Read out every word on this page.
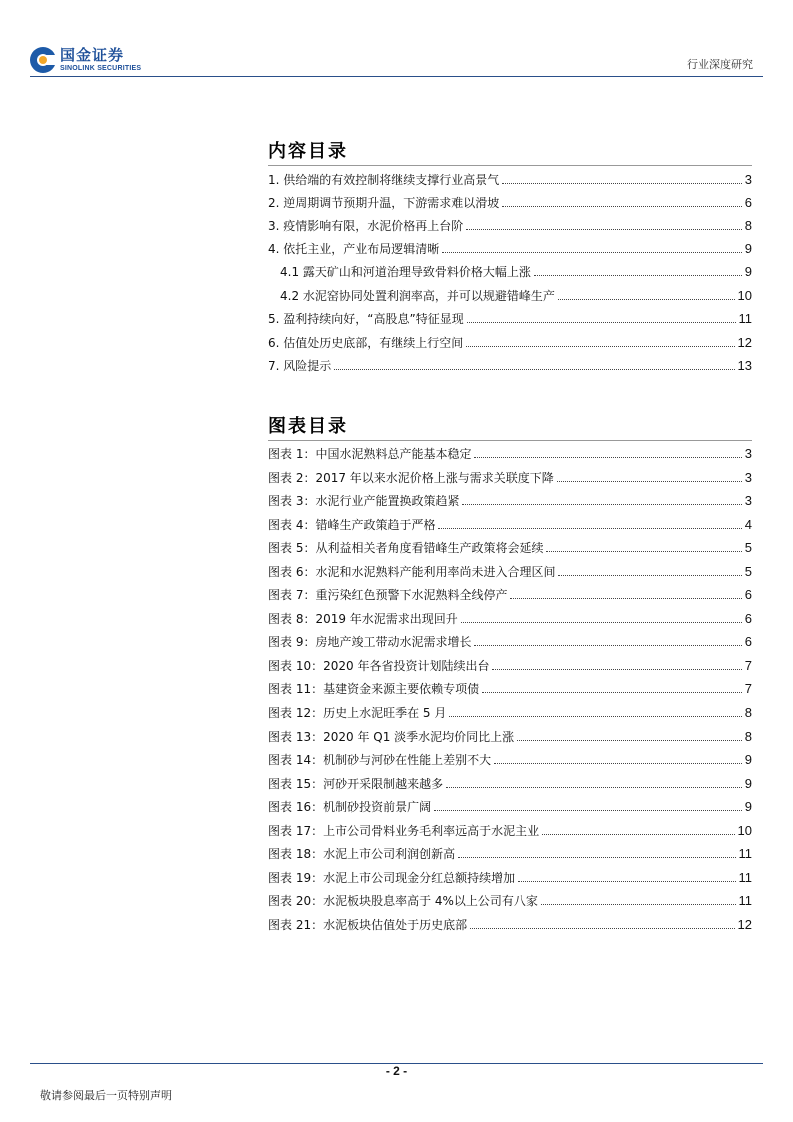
国金证券
SINOLINK SECURITIES	行业深度研究
内容目录
1. 供给端的有效控制将继续支撑行业高景气	3
2. 逆周期调节预期升温，下游需求难以滑坡	6
3. 疫情影响有限，水泥价格再上台阶	8
4. 依托主业，产业布局逻辑清晰	9
4.1 露天矿山和河道治理导致骨料价格大幅上涨	9
4.2 水泥窑协同处置利润率高，并可以规避错峰生产	10
5. 盈利持续向好，“高股息”特征显现	11
6. 估值处历史底部，有继续上行空间	12
7. 风险提示	13
图表目录
图表 1：中国水泥熟料总产能基本稳定	3
图表 2：2017 年以来水泥价格上涨与需求关联度下降	3
图表 3：水泥行业产能置换政策趋紧	3
图表 4：错峰生产政策趋于严格	4
图表 5：从利益相关者角度看错峰生产政策将会延续	5
图表 6：水泥和水泥熟料产能利用率尚未进入合理区间	5
图表 7：重污染红色预警下水泥熟料全线停产	6
图表 8：2019 年水泥需求出现回升	6
图表 9：房地产竣工带动水泥需求增长	6
图表 10：2020 年各省投资计划陆续出台	7
图表 11：基建资金来源主要依赖专项债	7
图表 12：历史上水泥旺季在 5 月	8
图表 13：2020 年 Q1 淡季水泥均价同比上涨	8
图表 14：机制砂与河砂在性能上差别不大	9
图表 15：河砂开采限制越来越多	9
图表 16：机制砂投资前景广阔	9
图表 17：上市公司骨料业务毛利率远高于水泥主业	10
图表 18：水泥上市公司利润创新高	11
图表 19：水泥上市公司现金分红总额持续增加	11
图表 20：水泥板块股息率高于 4%以上公司有八家	11
图表 21：水泥板块估值处于历史底部	12
- 2 -
敬请参阅最后一页特别声明
